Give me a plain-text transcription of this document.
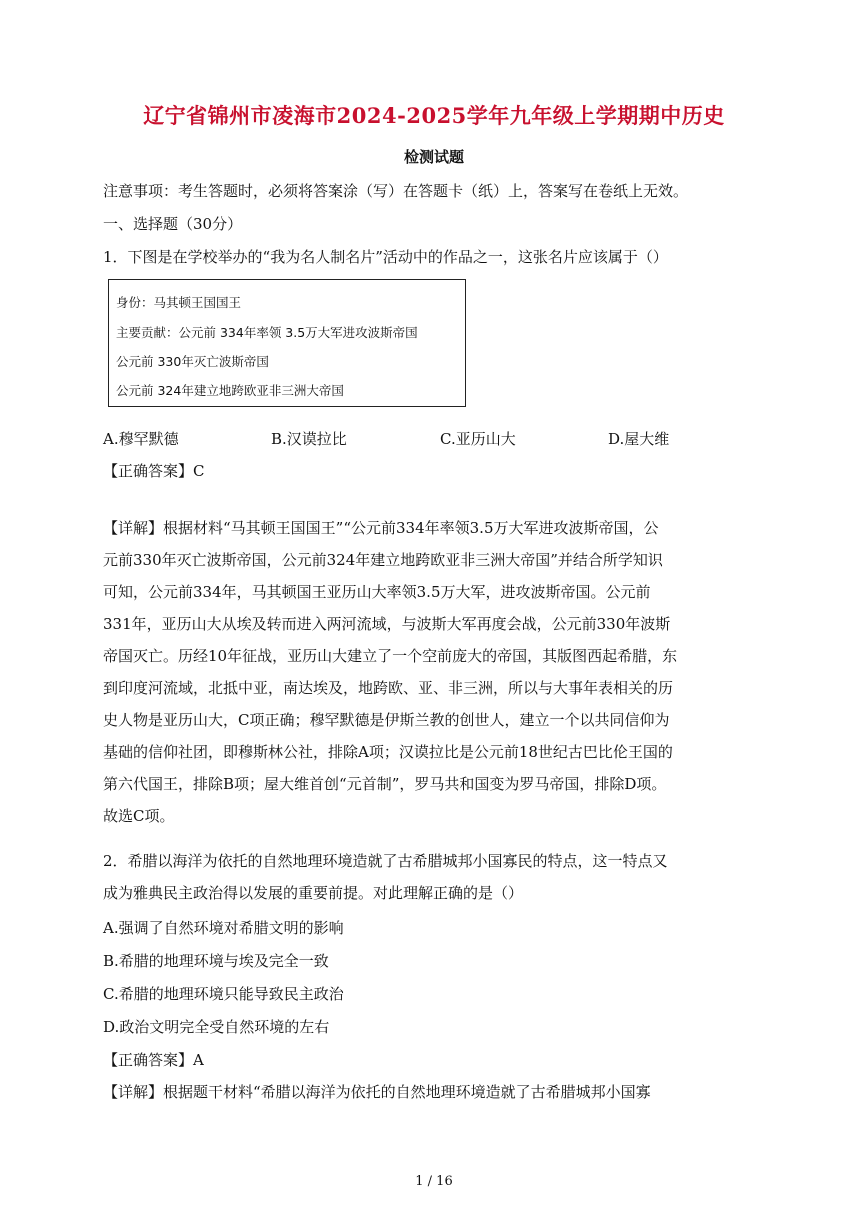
辽宁省锦州市凌海市2024-2025学年九年级上学期期中历史
检测试题
注意事项：考生答题时，必须将答案涂（写）在答题卡（纸）上，答案写在卷纸上无效。
一、选择题（30分）
1．下图是在学校举办的“我为名人制名片”活动中的作品之一，这张名片应该属于（）
身份：马其顿王国国王
主要贡献：公元前 334年率领 3.5万大军进攻波斯帝国
公元前 330年灭亡波斯帝国
公元前 324年建立地跨欧亚非三洲大帝国
A.穆罕默德	B.汉谟拉比	C.亚历山大	D.屋大维
【正确答案】C
【详解】根据材料“马其顿王国国王”“公元前334年率领3.5万大军进攻波斯帝国，公
元前330年灭亡波斯帝国，公元前324年建立地跨欧亚非三洲大帝国”并结合所学知识
可知，公元前334年，马其顿国王亚历山大率领3.5万大军，进攻波斯帝国。公元前
331年，亚历山大从埃及转而进入两河流域，与波斯大军再度会战，公元前330年波斯
帝国灭亡。历经10年征战，亚历山大建立了一个空前庞大的帝国，其版图西起希腊，东
到印度河流域，北抵中亚，南达埃及，地跨欧、亚、非三洲，所以与大事年表相关的历
史人物是亚历山大，C项正确；穆罕默德是伊斯兰教的创世人，建立一个以共同信仰为
基础的信仰社团，即穆斯林公社，排除A项；汉谟拉比是公元前18世纪古巴比伦王国的
第六代国王，排除B项；屋大维首创“元首制”，罗马共和国变为罗马帝国，排除D项。
故选C项。
2．希腊以海洋为依托的自然地理环境造就了古希腊城邦小国寡民的特点，这一特点又
成为雅典民主政治得以发展的重要前提。对此理解正确的是（）
A.强调了自然环境对希腊文明的影响
B.希腊的地理环境与埃及完全一致
C.希腊的地理环境只能导致民主政治
D.政治文明完全受自然环境的左右
【正确答案】A
【详解】根据题干材料“希腊以海洋为依托的自然地理环境造就了古希腊城邦小国寡
1 / 16
